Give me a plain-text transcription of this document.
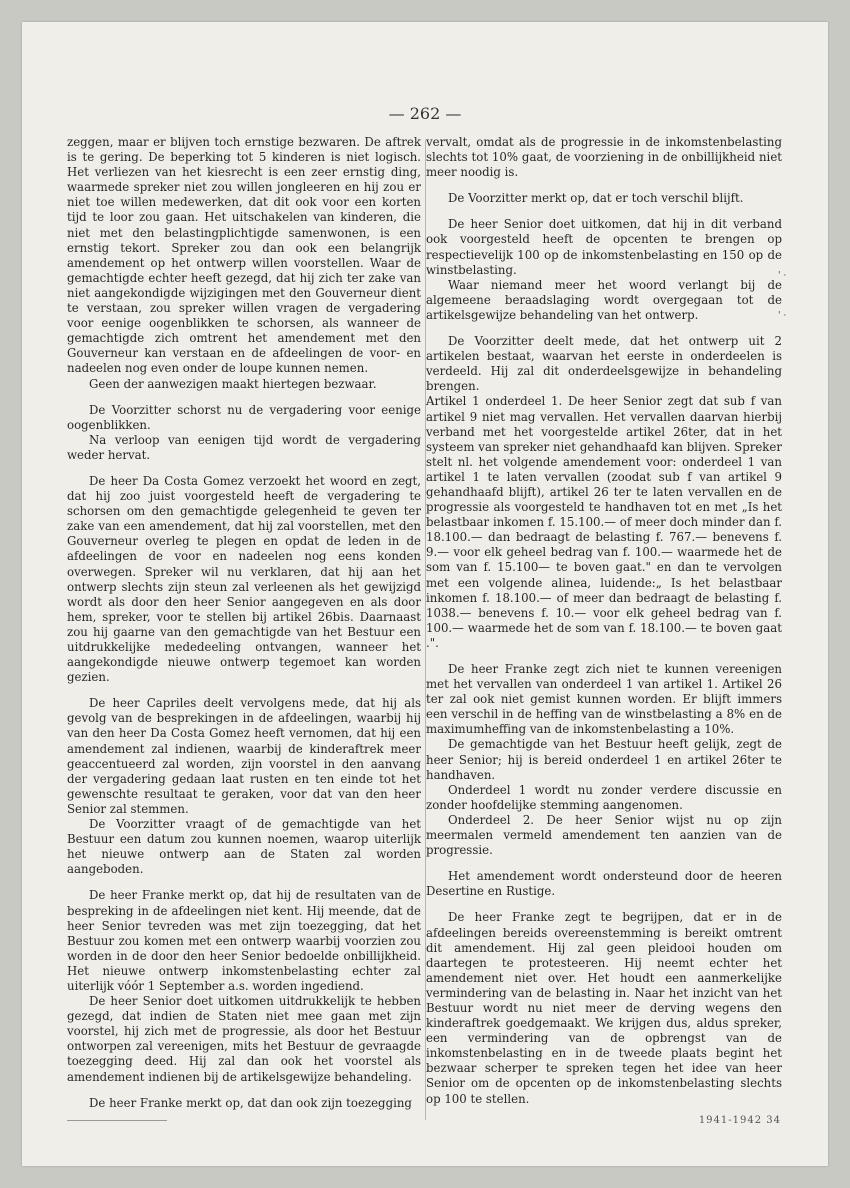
— 262 —

zeggen, maar er blijven toch ernstige bezwaren. De aftrek is te gering. De beperking tot 5 kinderen is niet logisch. Het verliezen van het kiesrecht is een zeer ernstig ding, waarmede spreker niet zou willen jongleeren en hij zou er niet toe willen medewerken, dat dit ook voor een korten tijd te loor zou gaan. Het uitschakelen van kinderen, die niet met den belastingplichtigde samenwonen, is een ernstig tekort. Spreker zou dan ook een belangrijk amendement op het ontwerp willen voorstellen. Waar de gemachtigde echter heeft gezegd, dat hij zich ter zake van niet aangekondigde wijzigingen met den Gouverneur dient te verstaan, zou spreker willen vragen de vergadering voor eenige oogenblikken te schorsen, als wanneer de gemachtigde zich omtrent het amendement met den Gouverneur kan verstaan en de afdeelingen de voor- en nadeelen nog even onder de loupe kunnen nemen.

Geen der aanwezigen maakt hiertegen bezwaar.

De Voorzitter schorst nu de vergadering voor eenige oogenblikken.

Na verloop van eenigen tijd wordt de vergadering weder hervat.

De heer Da Costa Gomez verzoekt het woord en zegt, dat hij zoo juist voorgesteld heeft de vergadering te schorsen om den gemachtigde gelegenheid te geven ter zake van een amendement, dat hij zal voorstellen, met den Gouverneur overleg te plegen en opdat de leden in de afdeelingen de voor en nadeelen nog eens konden overwegen. Spreker wil nu verklaren, dat hij aan het ontwerp slechts zijn steun zal verleenen als het gewijzigd wordt als door den heer Senior aangegeven en als door hem, spreker, voor te stellen bij artikel 26bis. Daarnaast zou hij gaarne van den gemachtigde van het Bestuur een uitdrukkelijke mededeeling ontvangen, wanneer het aangekondigde nieuwe ontwerp tegemoet kan worden gezien.

De heer Capriles deelt vervolgens mede, dat hij als gevolg van de besprekingen in de afdeelingen, waarbij hij van den heer Da Costa Gomez heeft vernomen, dat hij een amendement zal indienen, waarbij de kinderaftrek meer geaccentueerd zal worden, zijn voorstel in den aanvang der vergadering gedaan laat rusten en ten einde tot het gewenschte resultaat te geraken, voor dat van den heer Senior zal stemmen.

De Voorzitter vraagt of de gemachtigde van het Bestuur een datum zou kunnen noemen, waarop uiterlijk het nieuwe ontwerp aan de Staten zal worden aangeboden.

De heer Franke merkt op, dat hij de resultaten van de bespreking in de afdeelingen niet kent. Hij meende, dat de heer Senior tevreden was met zijn toezegging, dat het Bestuur zou komen met een ontwerp waarbij voorzien zou worden in de door den heer Senior bedoelde onbillijkheid. Het nieuwe ontwerp inkomstenbelasting echter zal uiterlijk vóór 1 September a.s. worden ingediend.

De heer Senior doet uitkomen uitdrukkelijk te hebben gezegd, dat indien de Staten niet mee gaan met zijn voorstel, hij zich met de progressie, als door het Bestuur ontworpen zal vereenigen, mits het Bestuur de gevraagde toezegging deed. Hij zal dan ook het voorstel als amendement indienen bij de artikelsgewijze behandeling.

De heer Franke merkt op, dat dan ook zijn toezegging

vervalt, omdat als de progressie in de inkomstenbelasting slechts tot 10% gaat, de voorziening in de onbillijkheid niet meer noodig is.

De Voorzitter merkt op, dat er toch verschil blijft.

De heer Senior doet uitkomen, dat hij in dit verband ook voorgesteld heeft de opcenten te brengen op respectievelijk 100 op de inkomstenbelasting en 150 op de winstbelasting.

Waar niemand meer het woord verlangt bij de algemeene beraadslaging wordt overgegaan tot de artikelsgewijze behandeling van het ontwerp.

De Voorzitter deelt mede, dat het ontwerp uit 2 artikelen bestaat, waarvan het eerste in onderdeelen is verdeeld. Hij zal dit onderdeelsgewijze in behandeling brengen.

Artikel 1 onderdeel 1. De heer Senior zegt dat sub f van artikel 9 niet mag vervallen. Het vervallen daarvan hierbij verband met het voorgestelde artikel 26ter, dat in het systeem van spreker niet gehandhaafd kan blijven. Spreker stelt nl. het volgende amendement voor: onderdeel 1 van artikel 1 te laten vervallen (zoodat sub f van artikel 9 gehandhaafd blijft), artikel 26 ter te laten vervallen en de progressie als voorgesteld te handhaven tot en met „Is het belastbaar inkomen f. 15.100.— of meer doch minder dan f. 18.100.— dan bedraagt de belasting f. 767.— benevens f. 9.— voor elk geheel bedrag van f. 100.— waarmede het de som van f. 15.100— te boven gaat." en dan te vervolgen met een volgende alinea, luidende:„ Is het belastbaar inkomen f. 18.100.— of meer dan bedraagt de belasting f. 1038.— benevens f. 10.— voor elk geheel bedrag van f. 100.— waarmede het de som van f. 18.100.— te boven gaat .".

De heer Franke zegt zich niet te kunnen vereenigen met het vervallen van onderdeel 1 van artikel 1. Artikel 26 ter zal ook niet gemist kunnen worden. Er blijft immers een verschil in de heffing van de winstbelasting a 8% en de maximumheffing van de inkomstenbelasting a 10%.

De gemachtigde van het Bestuur heeft gelijk, zegt de heer Senior; hij is bereid onderdeel 1 en artikel 26ter te handhaven.

Onderdeel 1 wordt nu zonder verdere discussie en zonder hoofdelijke stemming aangenomen.

Onderdeel 2. De heer Senior wijst nu op zijn meermalen vermeld amendement ten aanzien van de progressie.

Het amendement wordt ondersteund door de heeren Desertine en Rustige.

De heer Franke zegt te begrijpen, dat er in de afdeelingen bereids overeenstemming is bereikt omtrent dit amendement. Hij zal geen pleidooi houden om daartegen te protesteeren. Hij neemt echter het amendement niet over. Het houdt een aanmerkelijke vermindering van de belasting in. Naar het inzicht van het Bestuur wordt nu niet meer de derving wegens den kinderaftrek goedgemaakt. We krijgen dus, aldus spreker, een vermindering van de opbrengst van de inkomstenbelasting en in de tweede plaats begint het bezwaar scherper te spreken tegen het idee van heer Senior om de opcenten op de inkomstenbelasting slechts op 100 te stellen.

' ·
' ·
1941-1942 34
